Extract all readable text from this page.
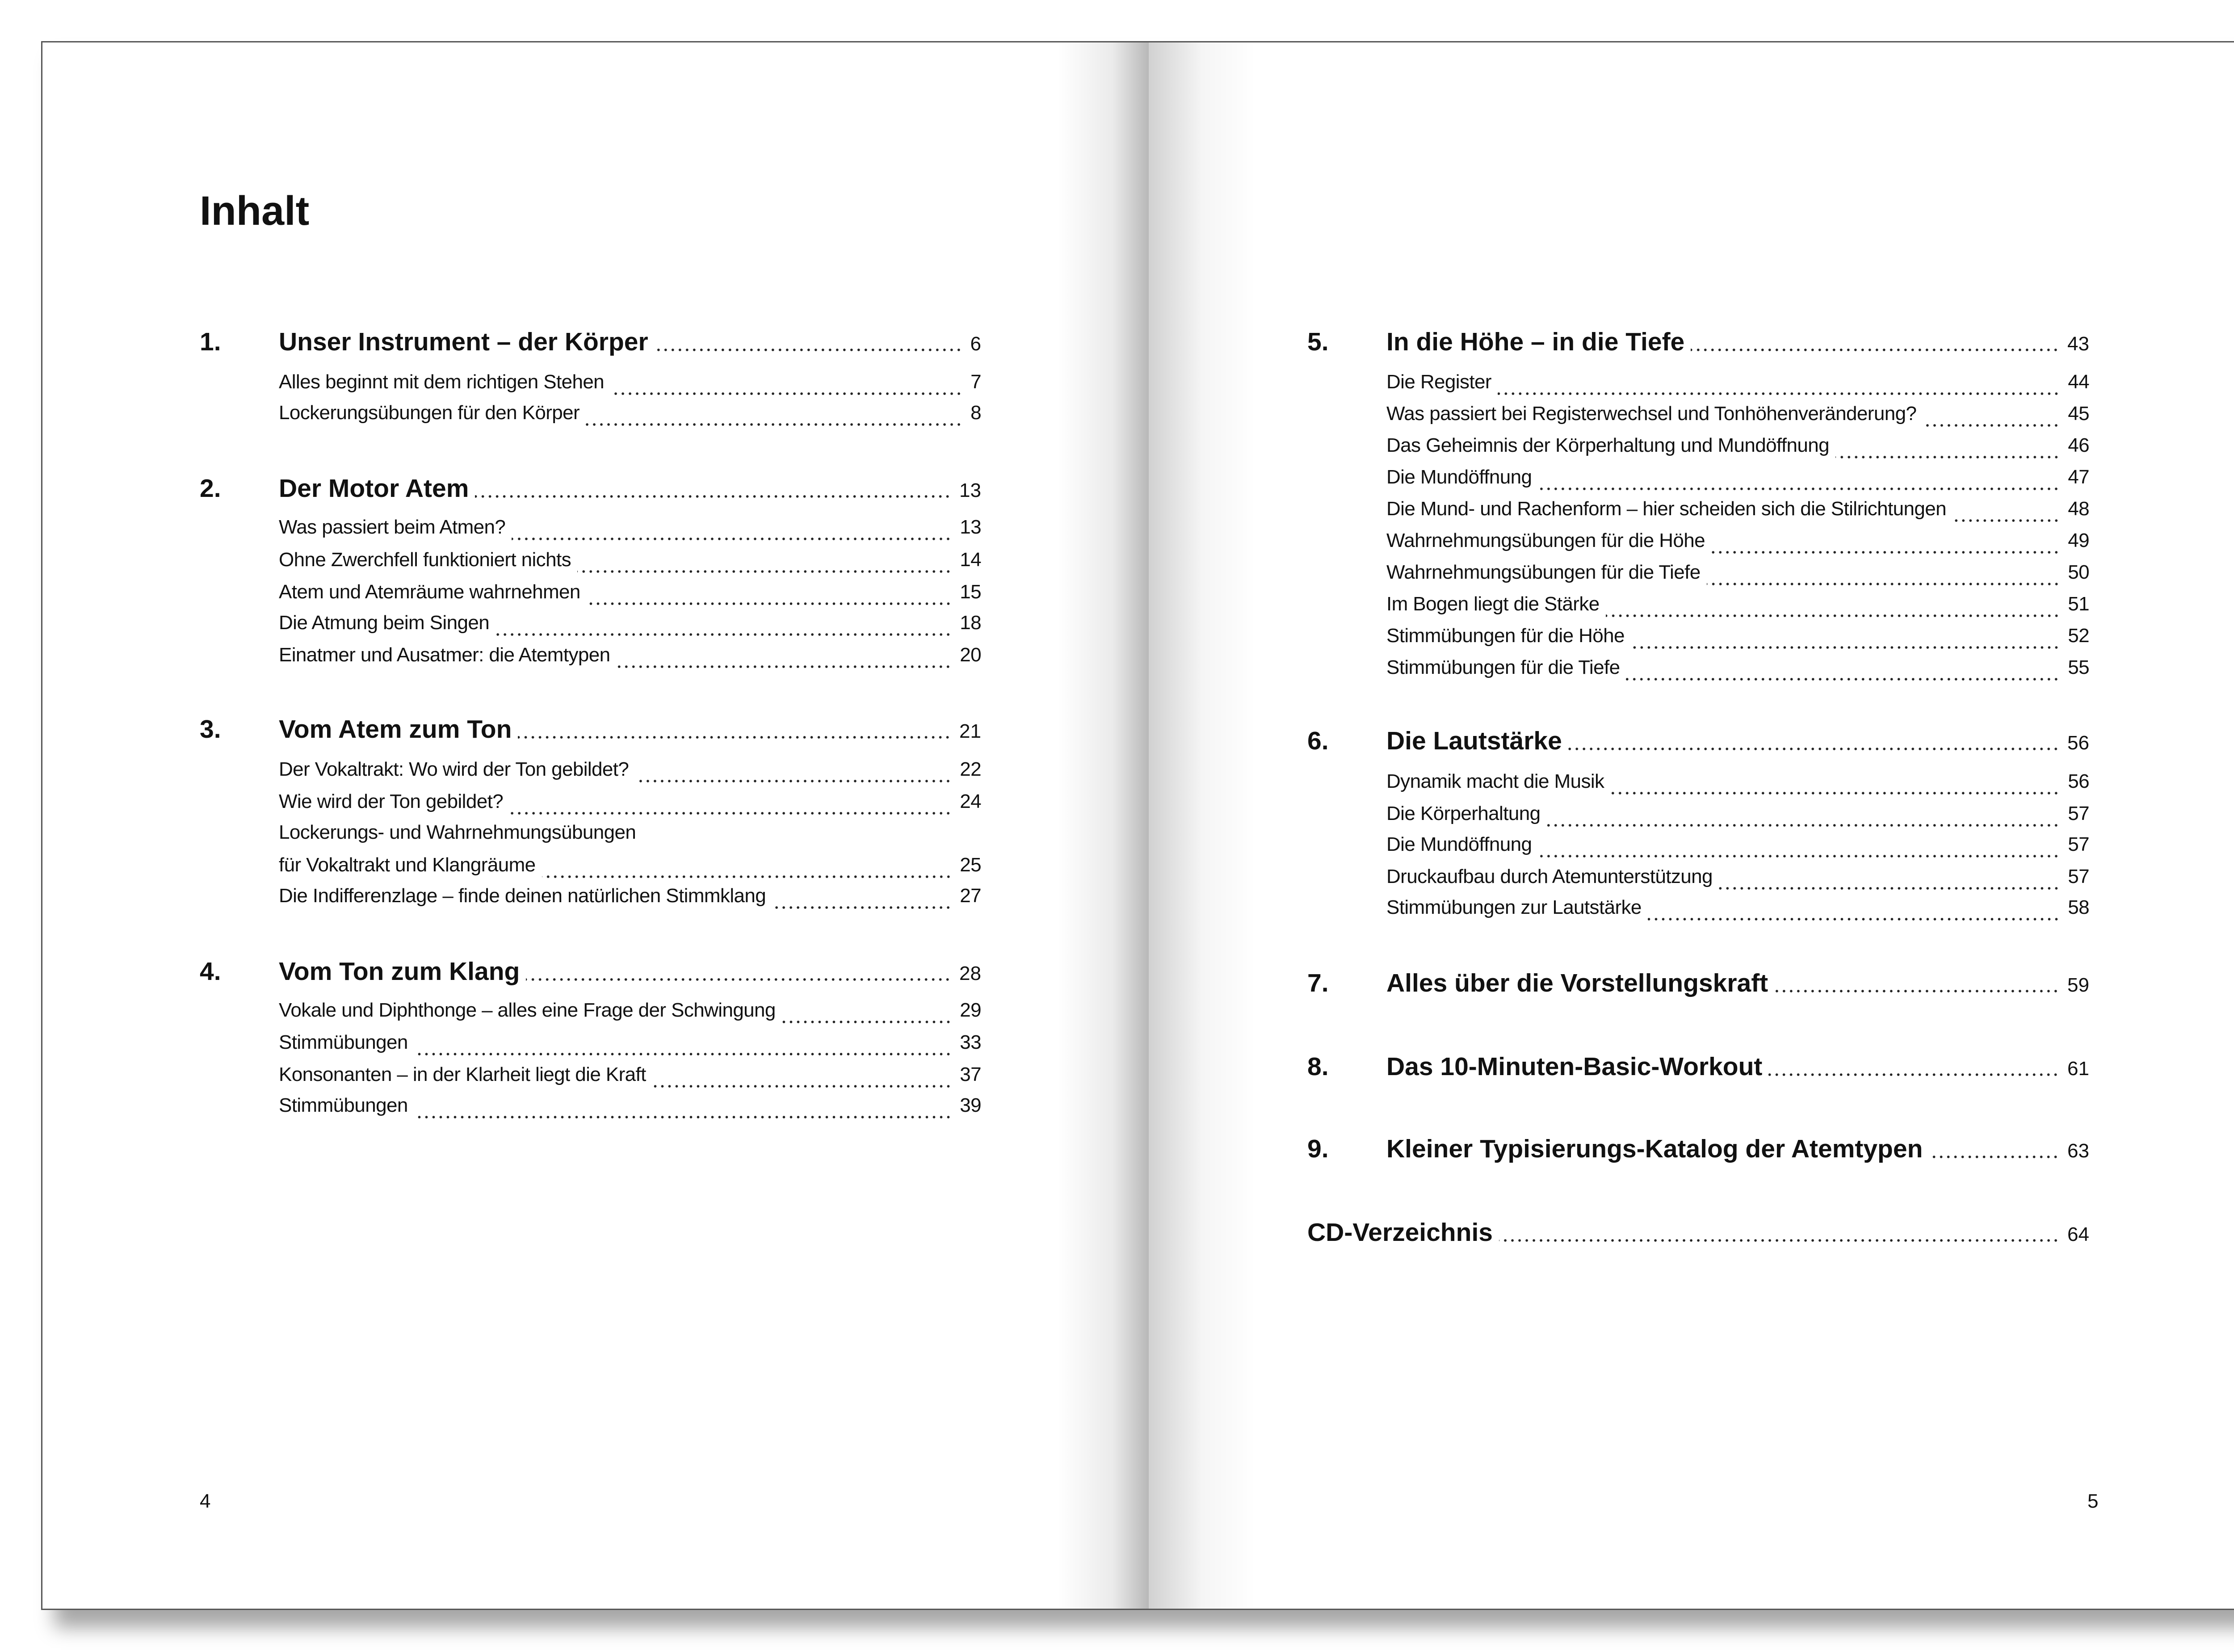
Inhalt
1. Unser Instrument – der Körper	6
Alles beginnt mit dem richtigen Stehen	7
Lockerungsübungen für den Körper	8
2. Der Motor Atem	13
Was passiert beim Atmen?	13
Ohne Zwerchfell funktioniert nichts	14
Atem und Atemräume wahrnehmen	15
Die Atmung beim Singen	18
Einatmer und Ausatmer: die Atemtypen	20
3. Vom Atem zum Ton	21
Der Vokaltrakt: Wo wird der Ton gebildet?	22
Wie wird der Ton gebildet?	24
Lockerungs- und Wahrnehmungsübungen
für Vokaltrakt und Klangräume	25
Die Indifferenzlage – finde deinen natürlichen Stimmklang	27
4. Vom Ton zum Klang	28
Vokale und Diphthonge – alles eine Frage der Schwingung	29
Stimmübungen	33
Konsonanten – in der Klarheit liegt die Kraft	37
Stimmübungen	39
5. In die Höhe – in die Tiefe	43
Die Register	44
Was passiert bei Registerwechsel und Tonhöhenveränderung?	45
Das Geheimnis der Körperhaltung und Mundöffnung	46
Die Mundöffnung	47
Die Mund- und Rachenform – hier scheiden sich die Stilrichtungen	48
Wahrnehmungsübungen für die Höhe	49
Wahrnehmungsübungen für die Tiefe	50
Im Bogen liegt die Stärke	51
Stimmübungen für die Höhe	52
Stimmübungen für die Tiefe	55
6. Die Lautstärke	56
Dynamik macht die Musik	56
Die Körperhaltung	57
Die Mundöffnung	57
Druckaufbau durch Atemunterstützung	57
Stimmübungen zur Lautstärke	58
7. Alles über die Vorstellungskraft	59
8. Das 10-Minuten-Basic-Workout	61
9. Kleiner Typisierungs-Katalog der Atemtypen	63
CD-Verzeichnis	64
4	5
